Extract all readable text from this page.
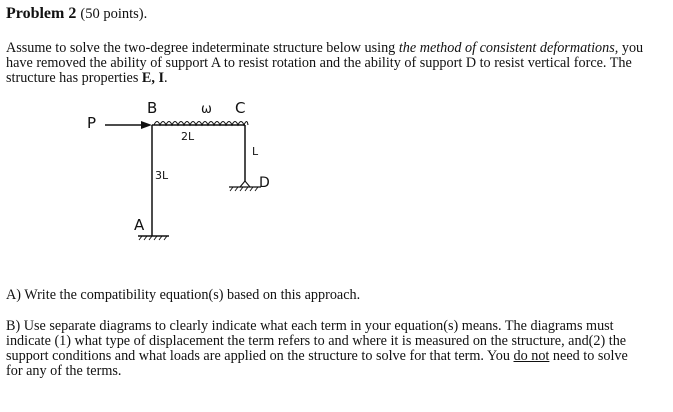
Problem 2 (50 points).
Assume to solve the two-degree indeterminate structure below using the method of consistent deformations, you
have removed the ability of support A to resist rotation and the ability of support D to resist vertical force. The
structure has properties E, I.
P
B	ω C
2L
L
D
3L
A
A) Write the compatibility equation(s) based on this approach.
B) Use separate diagrams to clearly indicate what each term in your equation(s) means. The diagrams must
indicate (1) what type of displacement the term refers to and where it is measured on the structure, and(2) the
support conditions and what loads are applied on the structure to solve for that term. You do not need to solve
for any of the terms.
